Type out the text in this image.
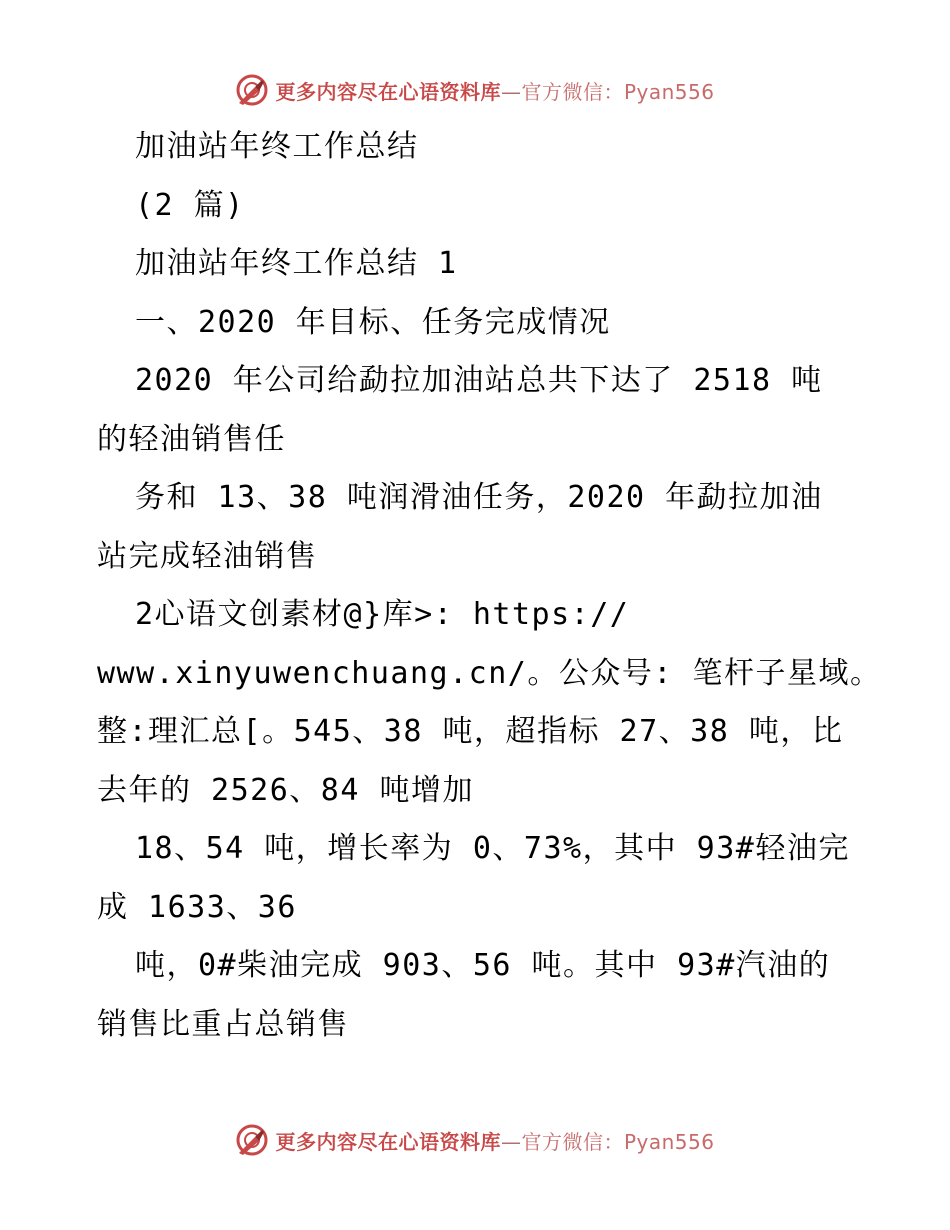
更多内容尽在心语资料库—官方微信：Pyan556
加油站年终工作总结
(2 篇)
加油站年终工作总结 1
一、2020 年目标、任务完成情况
2020 年公司给勐拉加油站总共下达了 2518 吨
的轻油销售任
务和 13、38 吨润滑油任务，2020 年勐拉加油
站完成轻油销售
2心语文创素材@}库>: https://
www.xinyuwenchuang.cn/。公众号: 笔杆子星域。
整:理汇总[。545、38 吨，超指标 27、38 吨，比
去年的 2526、84 吨增加
18、54 吨，增长率为 0、73%，其中 93#轻油完
成 1633、36
吨，0#柴油完成 903、56 吨。其中 93#汽油的
销售比重占总销售
更多内容尽在心语资料库—官方微信：Pyan556
